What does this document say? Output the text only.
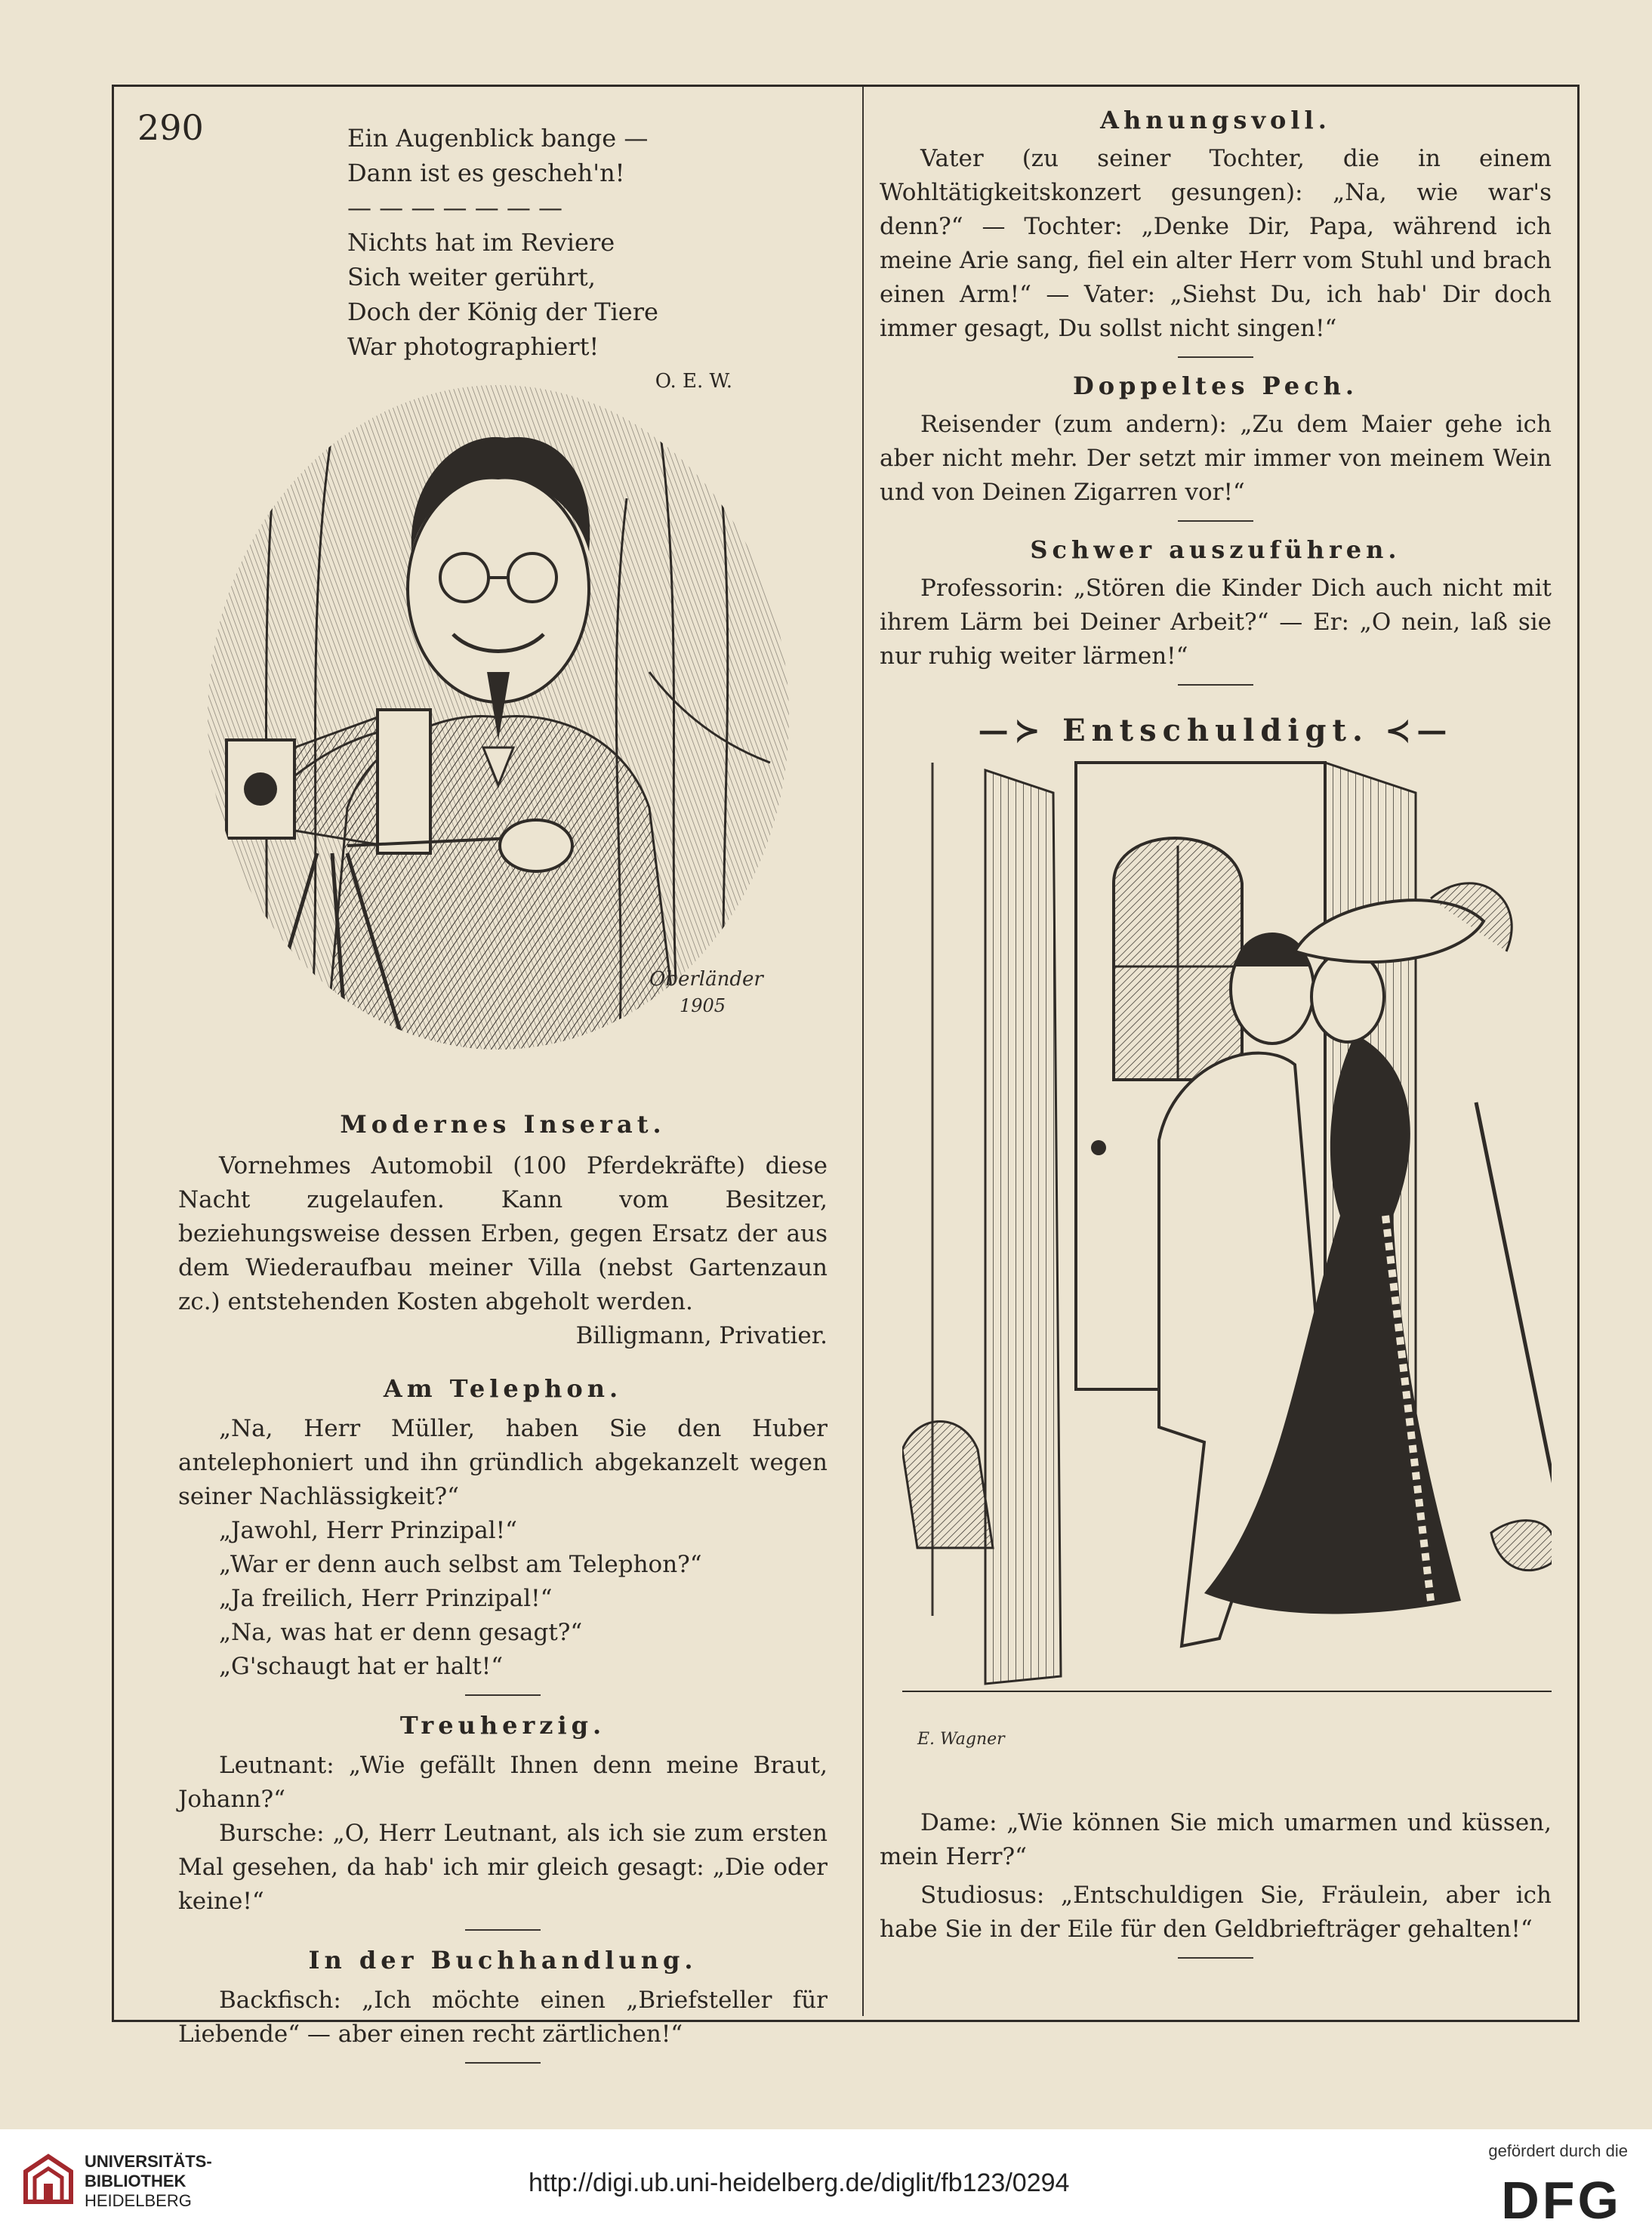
290	Ein Augenblick bange —

Dann ist es gescheh'n!

— — — — — — —

Nichts hat im Reviere

Sich weiter gerührt,

Doch der König der Tiere

War photographiert!

O. E. W.

Oberländer
1905
Modernes Inserat.

Vornehmes Automobil (100 Pferdekräfte) diese Nacht zugelaufen. Kann vom Besitzer, beziehungsweise dessen Erben, gegen Ersatz der aus dem Wiederaufbau meiner Villa (nebst Gartenzaun zc.) entstehenden Kosten abgeholt werden.

Billigmann, Privatier.

Am Telephon.

„Na, Herr Müller, haben Sie den Huber antelephoniert und ihn gründlich abgekanzelt wegen seiner Nachlässigkeit?“

„Jawohl, Herr Prinzipal!“

„War er denn auch selbst am Telephon?“

„Ja freilich, Herr Prinzipal!“

„Na, was hat er denn gesagt?“

„G'schaugt hat er halt!“

Treuherzig.

Leutnant: „Wie gefällt Ihnen denn meine Braut, Johann?“

Bursche: „O, Herr Leutnant, als ich sie zum ersten Mal gesehen, da hab' ich mir gleich gesagt: „Die oder keine!“

In der Buchhandlung.

Backfisch: „Ich möchte einen „Briefsteller für Liebende“ — aber einen recht zärtlichen!“

Ahnungsvoll.

Vater (zu seiner Tochter, die in einem Wohltätigkeitskonzert gesungen): „Na, wie war's denn?“ — Tochter: „Denke Dir, Papa, während ich meine Arie sang, fiel ein alter Herr vom Stuhl und brach einen Arm!“ — Vater: „Siehst Du, ich hab' Dir doch immer gesagt, Du sollst nicht singen!“

Doppeltes Pech.

Reisender (zum andern): „Zu dem Maier gehe ich aber nicht mehr. Der setzt mir immer von meinem Wein und von Deinen Zigarren vor!“

Schwer auszuführen.

Professorin: „Stören die Kinder Dich auch nicht mit ihrem Lärm bei Deiner Arbeit?“ — Er: „O nein, laß sie nur ruhig weiter lärmen!“

—≻ Entschuldigt. ≺—
E. Wagner

Dame: „Wie können Sie mich umarmen und küssen, mein Herr?“

Studiosus: „Entschuldigen Sie, Fräulein, aber ich habe Sie in der Eile für den Geldbriefträger gehalten!“

UNIVERSITÄTS-
BIBLIOTHEK
HEIDELBERG
http://digi.ub.uni-heidelberg.de/diglit/fb123/0294
gefördert durch die
DFG
